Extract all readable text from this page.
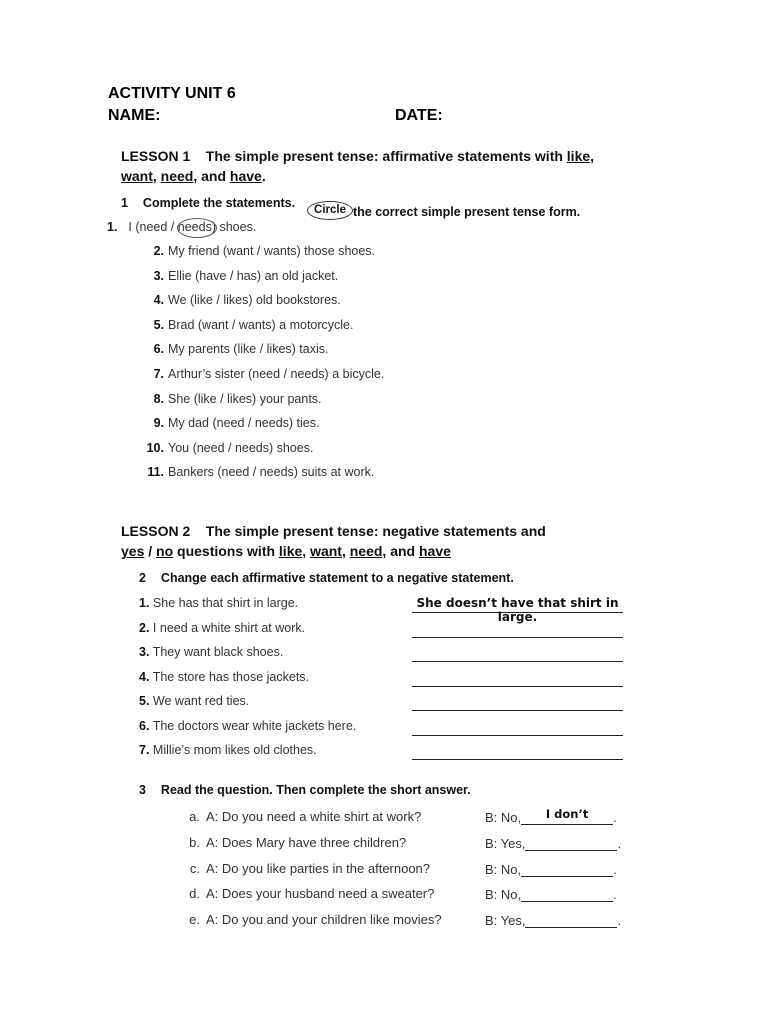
ACTIVITY UNIT 6
NAME:	DATE:
LESSON 1    The simple present tense: affirmative statements with like,
want, need, and have.
1 Complete the statements.	Circle the correct simple present tense form.
1. I (need / needs) shoes.
2. My friend (want / wants) those shoes.
3. Ellie (have / has) an old jacket.
4. We (like / likes) old bookstores.
5. Brad (want / wants) a motorcycle.
6. My parents (like / likes) taxis.
7. Arthur’s sister (need / needs) a bicycle.
8. She (like / likes) your pants.
9. My dad (need / needs) ties.
10. You (need / needs) shoes.
11. Bankers (need / needs) suits at work.
LESSON 2    The simple present tense: negative statements and
yes / no questions with like, want, need, and have
2 Change each affirmative statement to a negative statement.
1. She has that shirt in large.	She doesn’t have that shirt in large.
2. I need a white shirt at work.
3. They want black shoes.
4. The store has those jackets.
5. We want red ties.
6. The doctors wear white jackets here.
7. Millie’s mom likes old clothes.
3 Read the question. Then complete the short answer.
a. A: Do you need a white shirt at work?	B: No,	I don’t	.
b. A: Does Mary have three children?	B: Yes,	.
c. A: Do you like parties in the afternoon?	B: No,	.
d. A: Does your husband need a sweater?	B: No,	.
e. A: Do you and your children like movies?	B: Yes,	.
